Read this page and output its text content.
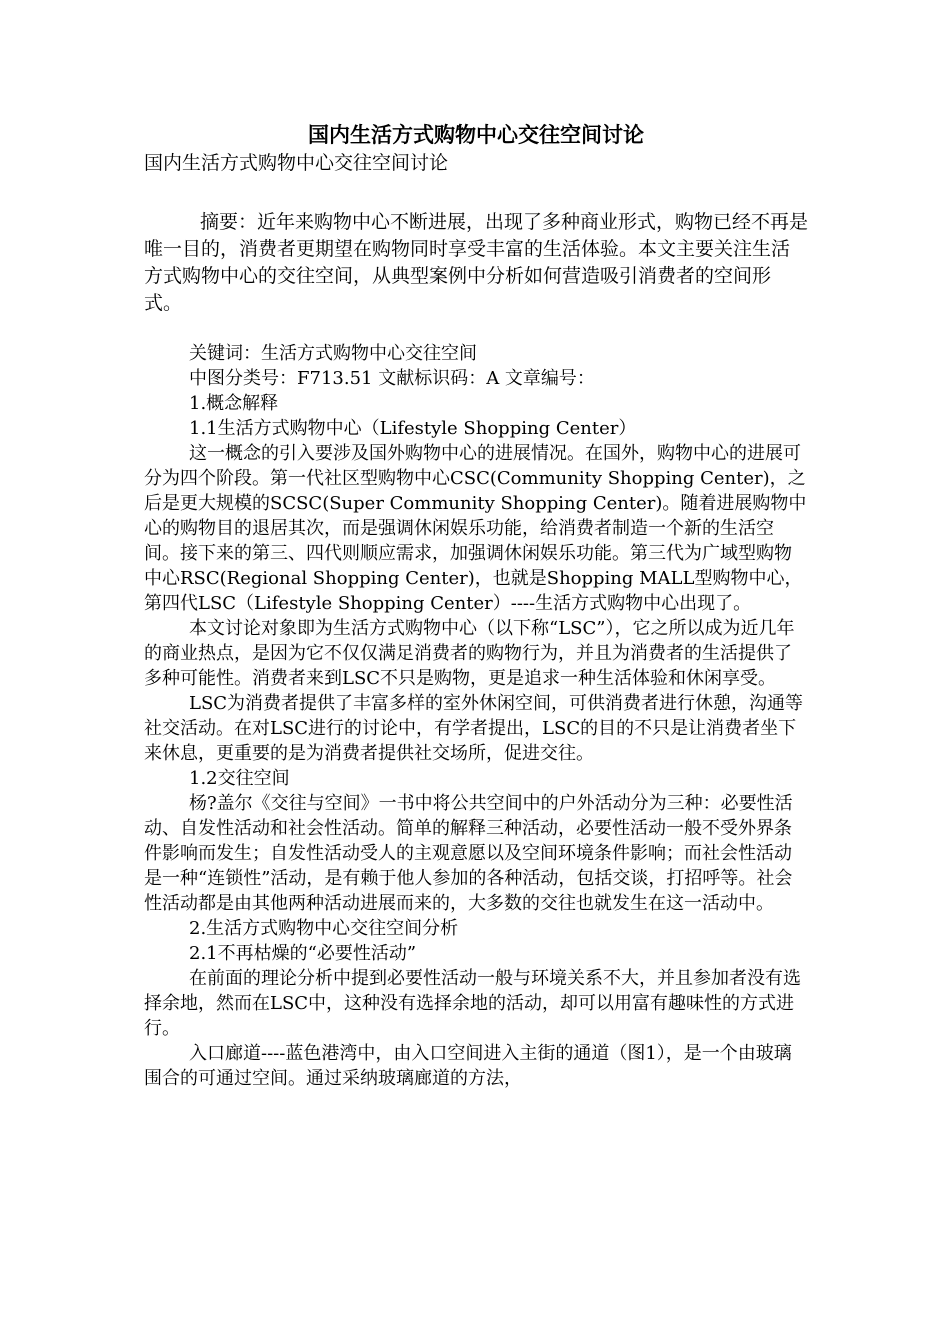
国内生活方式购物中心交往空间讨论

国内生活方式购物中心交往空间讨论

摘要：近年来购物中心不断进展，出现了多种商业形式，购物已经不再是唯一目的，消费者更期望在购物同时享受丰富的生活体验。本文主要关注生活方式购物中心的交往空间，从典型案例中分析如何营造吸引消费者的空间形式。

关键词：生活方式购物中心交往空间

中图分类号：F713.51 文献标识码：A 文章编号：

1.概念解释

1.1生活方式购物中心（Lifestyle Shopping Center）

这一概念的引入要涉及国外购物中心的进展情况。在国外，购物中心的进展可分为四个阶段。第一代社区型购物中心CSC(Community Shopping Center)，之后是更大规模的SCSC(Super Community Shopping Center)。随着进展购物中心的购物目的退居其次，而是强调休闲娱乐功能，给消费者制造一个新的生活空间。接下来的第三、四代则顺应需求，加强调休闲娱乐功能。第三代为广域型购物中心RSC(Regional Shopping Center)，也就是Shopping MALL型购物中心，第四代LSC（Lifestyle Shopping Center）----生活方式购物中心出现了。

本文讨论对象即为生活方式购物中心（以下称“LSC”），它之所以成为近几年的商业热点，是因为它不仅仅满足消费者的购物行为，并且为消费者的生活提供了多种可能性。消费者来到LSC不只是购物，更是追求一种生活体验和休闲享受。

LSC为消费者提供了丰富多样的室外休闲空间，可供消费者进行休憩，沟通等社交活动。在对LSC进行的讨论中，有学者提出，LSC的目的不只是让消费者坐下来休息，更重要的是为消费者提供社交场所，促进交往。

1.2交往空间

杨?盖尔《交往与空间》一书中将公共空间中的户外活动分为三种：必要性活动、自发性活动和社会性活动。简单的解释三种活动，必要性活动一般不受外界条件影响而发生；自发性活动受人的主观意愿以及空间环境条件影响；而社会性活动是一种“连锁性”活动，是有赖于他人参加的各种活动，包括交谈，打招呼等。社会性活动都是由其他两种活动进展而来的，大多数的交往也就发生在这一活动中。

2.生活方式购物中心交往空间分析

2.1不再枯燥的“必要性活动”

在前面的理论分析中提到必要性活动一般与环境关系不大，并且参加者没有选择余地，然而在LSC中，这种没有选择余地的活动，却可以用富有趣味性的方式进行。

入口廊道----蓝色港湾中，由入口空间进入主街的通道（图1），是一个由玻璃围合的可通过空间。通过采纳玻璃廊道的方法，
